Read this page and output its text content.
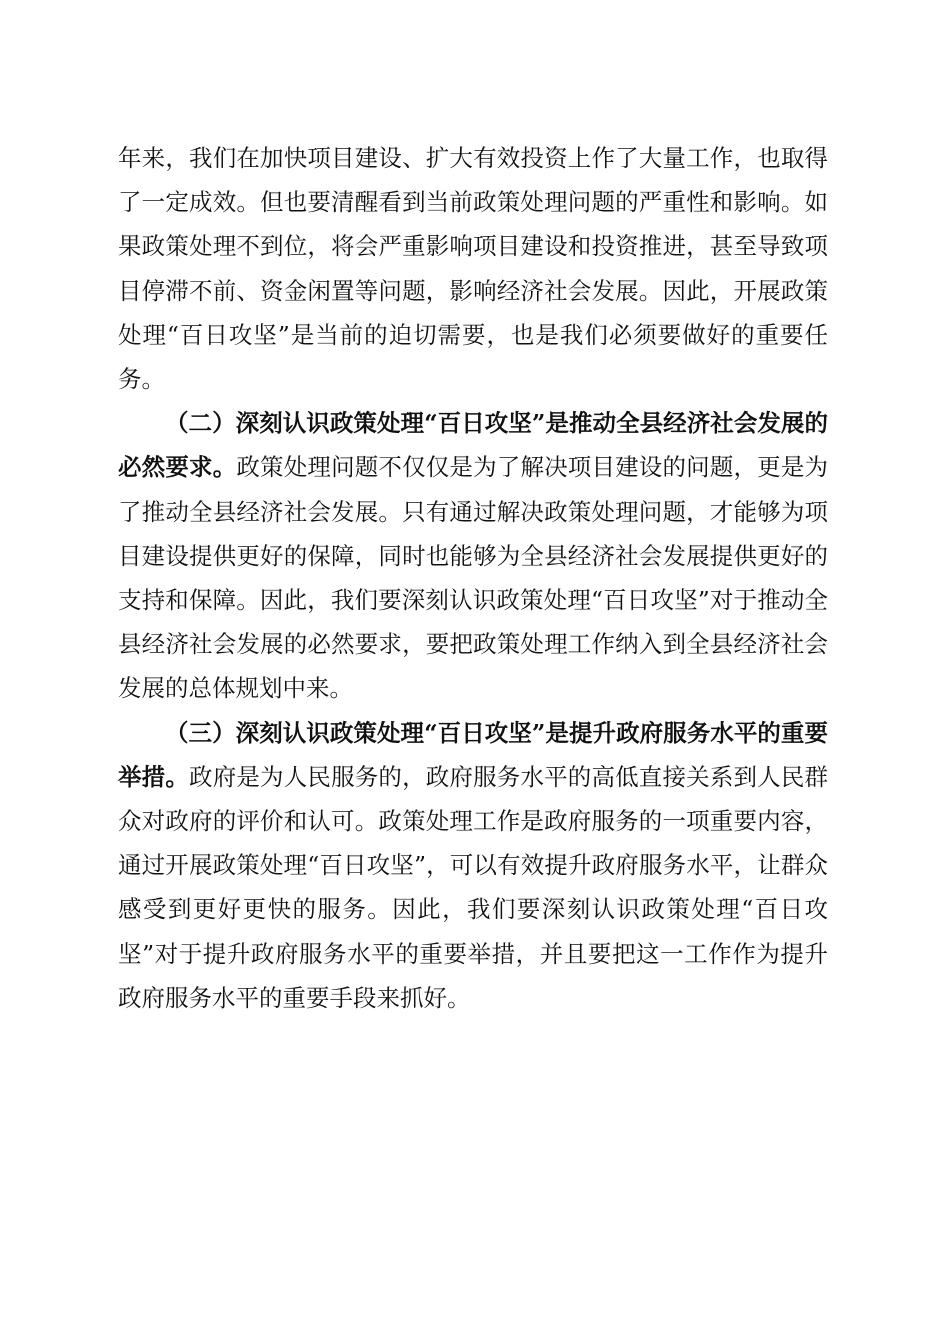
年来，我们在加快项目建设、扩大有效投资上作了大量工作，也取得了一定成效。但也要清醒看到当前政策处理问题的严重性和影响。如果政策处理不到位，将会严重影响项目建设和投资推进，甚至导致项目停滞不前、资金闲置等问题，影响经济社会发展。因此，开展政策处理“百日攻坚”是当前的迫切需要，也是我们必须要做好的重要任务。

（二）深刻认识政策处理“百日攻坚”是推动全县经济社会发展的必然要求。政策处理问题不仅仅是为了解决项目建设的问题，更是为了推动全县经济社会发展。只有通过解决政策处理问题，才能够为项目建设提供更好的保障，同时也能够为全县经济社会发展提供更好的支持和保障。因此，我们要深刻认识政策处理“百日攻坚”对于推动全县经济社会发展的必然要求，要把政策处理工作纳入到全县经济社会发展的总体规划中来。

（三）深刻认识政策处理“百日攻坚”是提升政府服务水平的重要举措。政府是为人民服务的，政府服务水平的高低直接关系到人民群众对政府的评价和认可。政策处理工作是政府服务的一项重要内容，通过开展政策处理“百日攻坚”，可以有效提升政府服务水平，让群众感受到更好更快的服务。因此，我们要深刻认识政策处理“百日攻坚”对于提升政府服务水平的重要举措，并且要把这一工作作为提升政府服务水平的重要手段来抓好。
